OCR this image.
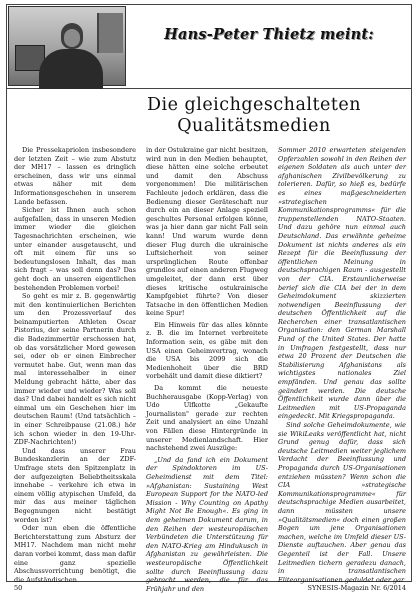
Hans-Peter Thietz meint:
Die gleichgeschalteten
Qualitätsmedien

Die Pressekapriolen insbesondere der letzten Zeit – wie zum Abstutz der MH17 – lassen es dringlich erscheinen, dass wir uns einmal etwas näher mit dem Informationsgeschehen in unserem Lande befassen.

Sicher ist Ihnen auch schon aufgefallen, dass in unseren Medien immer wieder die gleichen Tagesnachrichten erscheinen, wie unter einander ausgetauscht, und oft mit einem für uns so bedeutungslosen Inhalt, das man sich fragt – was soll denn das? Das geht doch an unseren eigentlichen bestehenden Problemen vorbei!

So geht es mir z. B. gegenwärtig mit den kontinuierlichen Berichten um den Prozessverlauf des beinamputierten Athleten Oscar Pistorius, der seine Partnerin durch die Badezimmertür erschossen hat, ob das vorsätzlicher Mord gewesen sei, oder ob er einen Einbrecher vermutet habe. Gut, wenn man das mal interessehalber in einer Meldung gebracht hätte, aber das immer wieder und wieder? Was soll das? Und dabei handelt es sich nicht einmal um ein Geschehen hier im deutschen Raum! (Und tatsächlich – in einer Schreibpause (21.08.) hör ich schon wieder in den 19-Uhr-ZDF-Nachrichten!)

Und dass unserer Frau Bundeskanzlerin an der ZDF-Umfrage stets den Spitzenplatz in der aufgezeigten Beliebtheitsskala innehabe – verkehre ich etwa in einem völlig atypischen Umfeld, da mir das aus meiner täglichen Begegnungen nicht bestätigt worden ist?

Oder nun eben die öffentliche Berichterstattung zum Absturz der MH17. Nachdem man nicht mehr daran vorbei kommt, dass man dafür eine ganz spezielle Abschussvorrichtung benötigt, die die Aufständischen

in der Ostukraine gar nicht besitzen, wird nun in den Medien behauptet, diese hätten eine solche erbeutet und damit den Abschuss vorgenommen! Die militärischen Fachleute jedoch erklären, dass die Bedienung dieser Geräteschaft nur durch ein an dieser Anlage speziell geschultes Personal erfolgen könne, was ja hier dann gar nicht Fall sein kann! Und warum wurde denn dieser Flug durch die ukrainische Luftsicherheit von seiner ursprünglichen Route offenbar grundlos auf einen anderen Flugweg umgeleitet, der dann erst über dieses kritische ostukrainische Kampfgebiet führte? Von dieser Tatsache in den öffentlichen Medien keine Spur!

Ein Hinweis für das alles könnte z. B. die im Internet verbreitete Information sein, es gäbe mit den USA einen Geheimvertrag, wonach die USA bis 2099 sich die Medienhoheit über die BRD vorbehält und damit diese diktiert?

Da kommt die neueste Buchherausgabe (Kopp-Verlag) von Udo Ulfkotte „Gekaufte Journalisten" gerade zur rechten Zeit und analysiert an eine Unzahl von Fällen diese Hintergründe in unserer Medienlandschaft. Hier nachstehend zwei Auszüge:

„Und da fand ich ein Dokument der Spindoktoren im US-Geheimdienst mit dem Titel: »Afghanistan: Sustaining West European Support for the NATO-led Mission - Why Counting on Apathy Might Not Be Enough«. Es ging in dem geheimen Dokument darum, in den Reihen der westeuropäischen Verbündeten die Unterstützung für den NATO-Krieg am Hindukusch in Afghanistan zu gewährleisten. Die westeuropäische Öffentlichkeit sollte durch Beeinflussung dazu gebracht werden, die für das Frühjahr und den

Sommer 2010 erwarteten steigenden Opferzahlen sowohl in den Reihen der eigenen Soldaten als auch unter der afghanischen Zivilbevölkerung zu tolerieren. Dafür, so hieß es, bedürfe es eines maßgeschneiderten »strategischen Kommunikationsprogramms« für die truppenstellenden NATO-Staaten. Und dazu gehöre nun einmal auch Deutschland. Das erwähnte geheime Dokument ist nichts anderes als ein Rezept für die Beeinflussung der öffentlichen Meinung in deutschsprachigen Raum - ausgestellt von der CIA. Erstaunlicherweise berief sich die CIA bei der in dem Geheimdokument skizzierten notwendigen Beeinflussung der deutschen Öffentlichkeit auf die Recherchen einer transatlantischen Organisation: den German Marshall Fund of the United States. Der hatte in Umfragen festgestellt, dass nur etwa 20 Prozent der Deutschen die Stabilisierung Afghanistans als wichtigstes nationales Ziel empfänden. Und genau das sollte geändert werden. Die deutsche Öffentlichkeit wurde dann über die Leitmedien mit US-Propaganda eingedeckt. Mit Kriegspropaganda.

Sind solche Geheimdokumente, wie sie WikiLeaks veröffentlicht hat, nicht Grund genug dafür, dass sich deutsche Leitmedien weiter jeglichem Verdacht der Beeinflussung und Propaganda durch US-Organisationen entziehen müssten? Wenn schon die CIA »strategische Kommunikationsprogramme« für deutschsprachige Medien ausarbeitet, dann müssten unsere »Qualitätsmedien« doch einen großen Bogen um jene Organisationen machen, welche im Umfeld dieser US-Dienste auftauchen. Aber genau das Gegenteil ist der Fall. Unsere Leitmedien tichern geradezu danach, in transatlantischen Eliteorganisationen geduldet oder gar

50	SYNESIS-Magazin Nr. 6/2014
